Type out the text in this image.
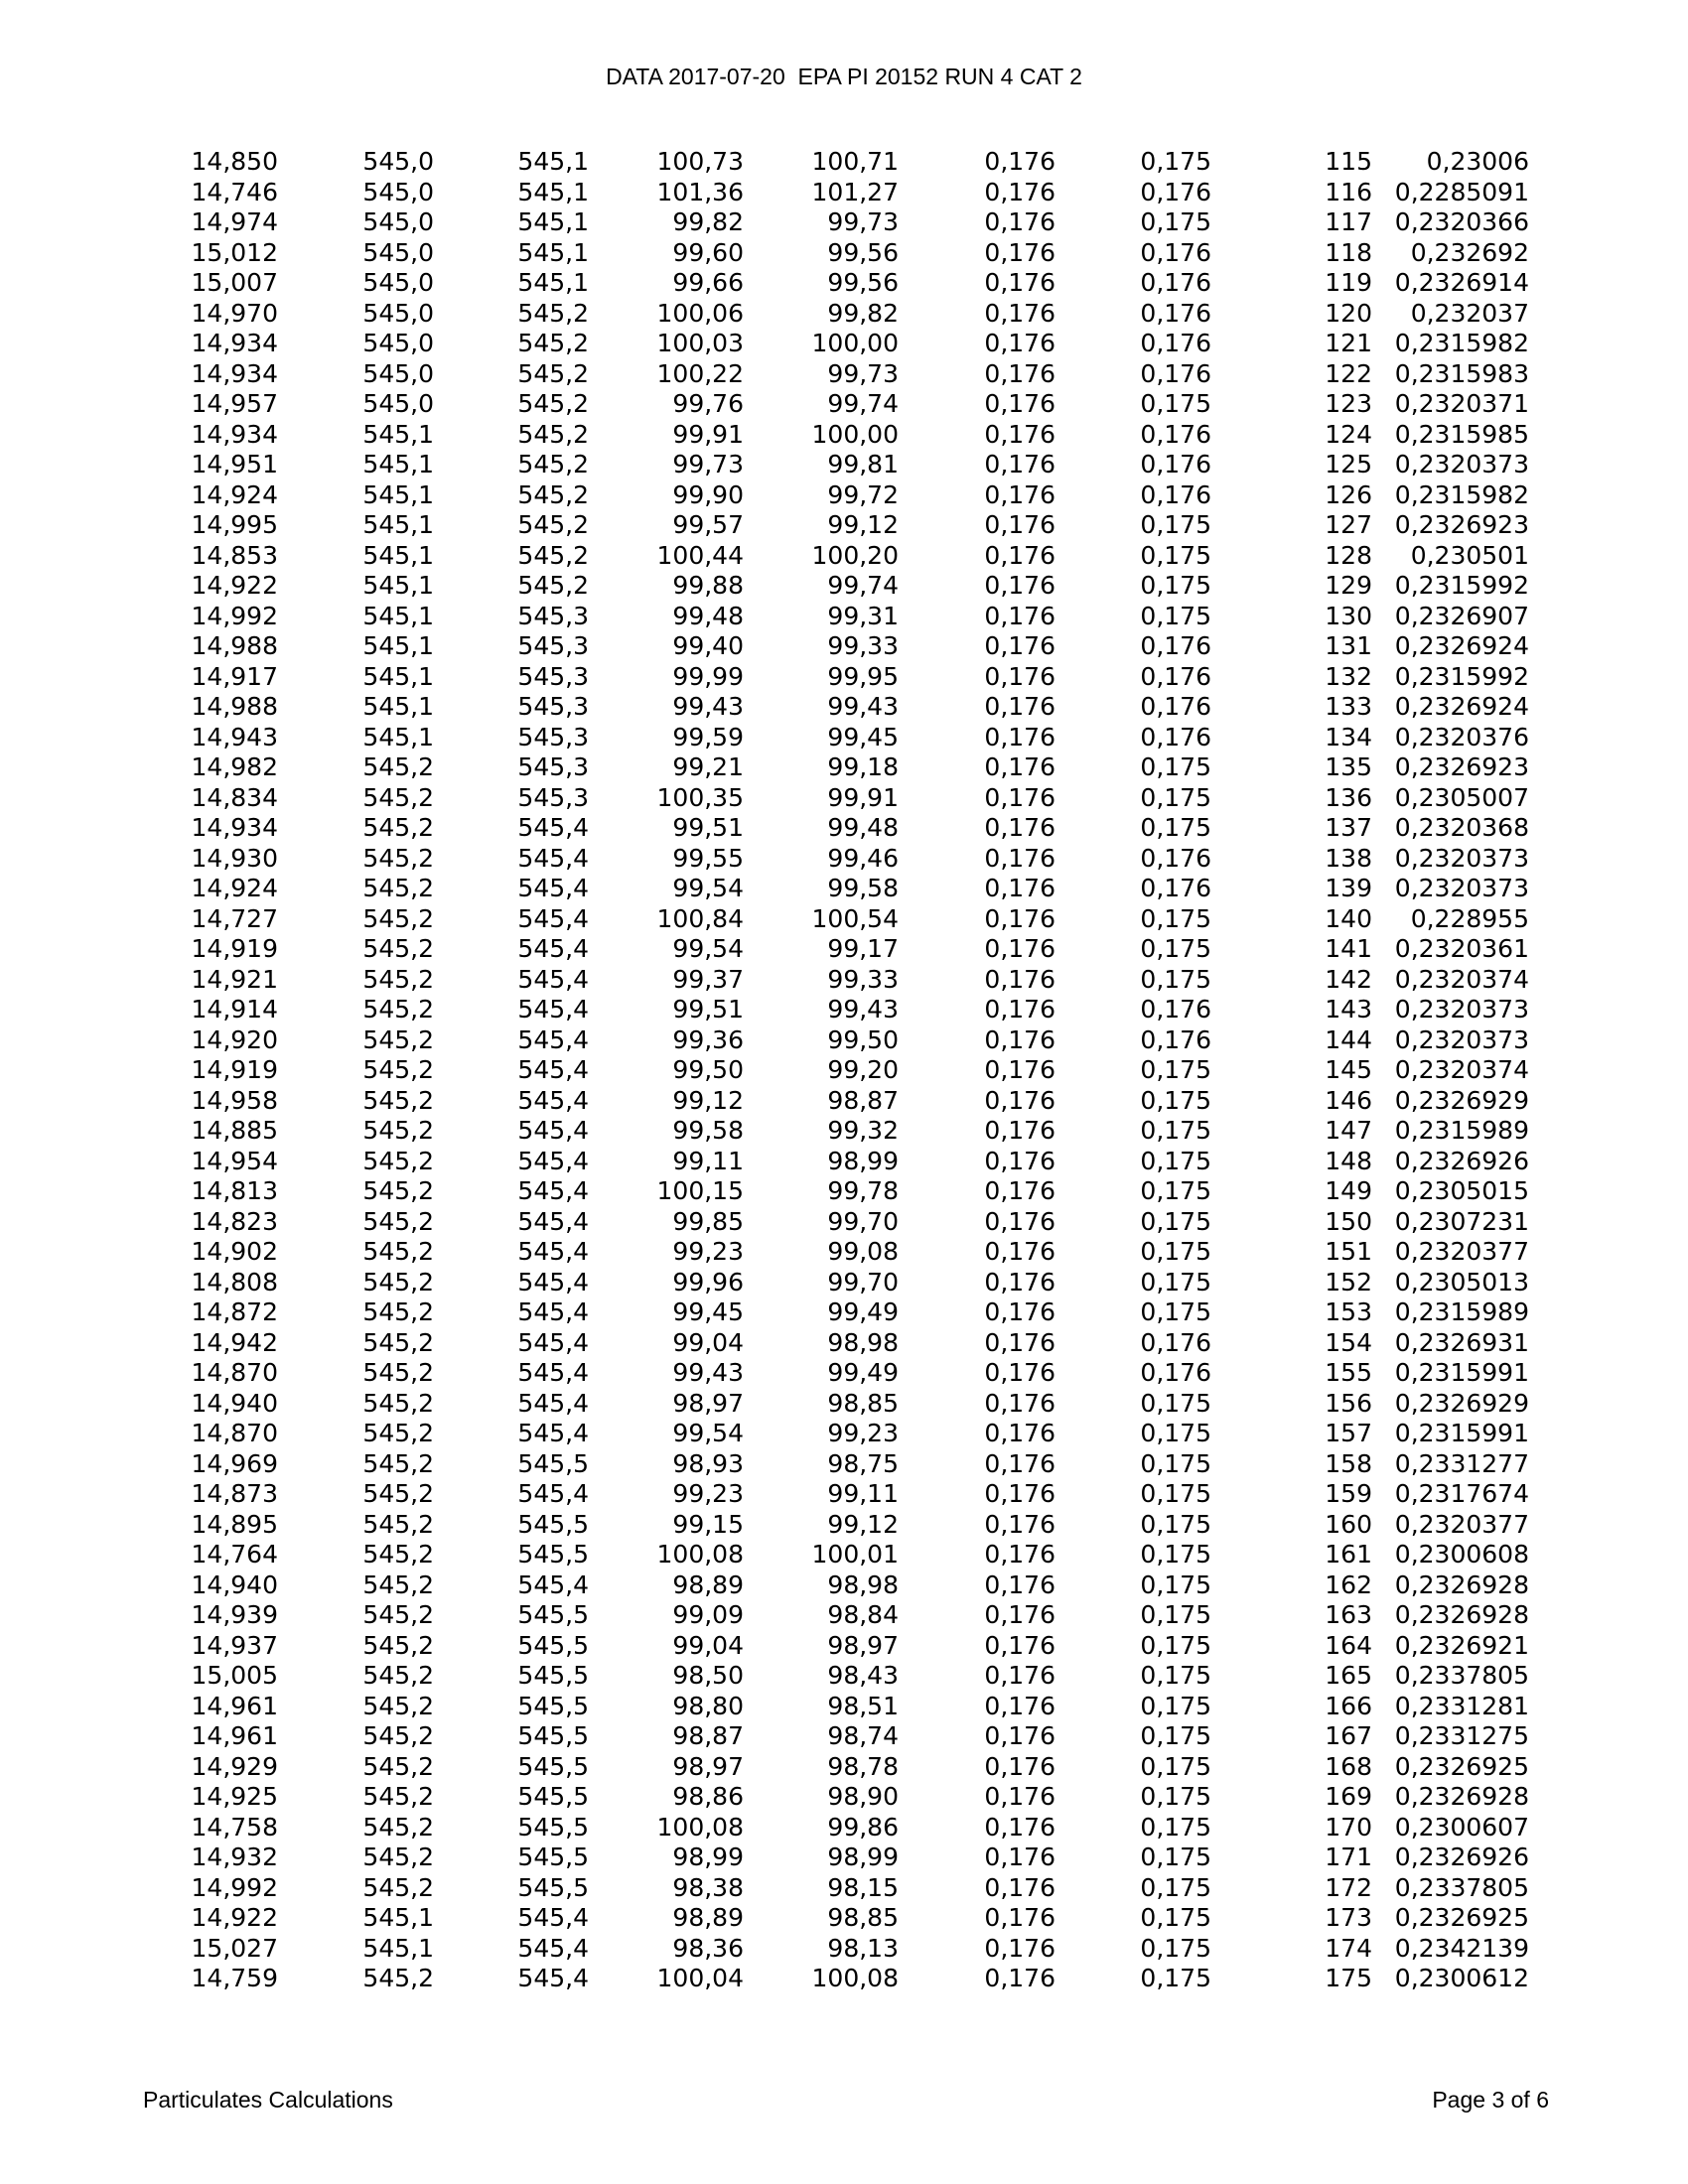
DATA 2017-07-20  EPA PI 20152 RUN 4 CAT 2
14,850	545,0	545,1	100,73	100,71	0,176	0,175	115 0,23006
14,746	545,0	545,1	101,36	101,27	0,176	0,176	116 0,2285091
14,974	545,0	545,1	99,82	99,73	0,176	0,175	117 0,2320366
15,012	545,0	545,1	99,60	99,56	0,176	0,176	118 0,232692
15,007	545,0	545,1	99,66	99,56	0,176	0,176	119 0,2326914
14,970	545,0	545,2	100,06	99,82	0,176	0,176	120 0,232037
14,934	545,0	545,2	100,03	100,00	0,176	0,176	121 0,2315982
14,934	545,0	545,2	100,22	99,73	0,176	0,176	122 0,2315983
14,957	545,0	545,2	99,76	99,74	0,176	0,175	123 0,2320371
14,934	545,1	545,2	99,91	100,00	0,176	0,176	124 0,2315985
14,951	545,1	545,2	99,73	99,81	0,176	0,176	125 0,2320373
14,924	545,1	545,2	99,90	99,72	0,176	0,176	126 0,2315982
14,995	545,1	545,2	99,57	99,12	0,176	0,175	127 0,2326923
14,853	545,1	545,2	100,44	100,20	0,176	0,175	128 0,230501
14,922	545,1	545,2	99,88	99,74	0,176	0,175	129 0,2315992
14,992	545,1	545,3	99,48	99,31	0,176	0,175	130 0,2326907
14,988	545,1	545,3	99,40	99,33	0,176	0,176	131 0,2326924
14,917	545,1	545,3	99,99	99,95	0,176	0,176	132 0,2315992
14,988	545,1	545,3	99,43	99,43	0,176	0,176	133 0,2326924
14,943	545,1	545,3	99,59	99,45	0,176	0,176	134 0,2320376
14,982	545,2	545,3	99,21	99,18	0,176	0,175	135 0,2326923
14,834	545,2	545,3	100,35	99,91	0,176	0,175	136 0,2305007
14,934	545,2	545,4	99,51	99,48	0,176	0,175	137 0,2320368
14,930	545,2	545,4	99,55	99,46	0,176	0,176	138 0,2320373
14,924	545,2	545,4	99,54	99,58	0,176	0,176	139 0,2320373
14,727	545,2	545,4	100,84	100,54	0,176	0,175	140 0,228955
14,919	545,2	545,4	99,54	99,17	0,176	0,175	141 0,2320361
14,921	545,2	545,4	99,37	99,33	0,176	0,175	142 0,2320374
14,914	545,2	545,4	99,51	99,43	0,176	0,176	143 0,2320373
14,920	545,2	545,4	99,36	99,50	0,176	0,176	144 0,2320373
14,919	545,2	545,4	99,50	99,20	0,176	0,175	145 0,2320374
14,958	545,2	545,4	99,12	98,87	0,176	0,175	146 0,2326929
14,885	545,2	545,4	99,58	99,32	0,176	0,175	147 0,2315989
14,954	545,2	545,4	99,11	98,99	0,176	0,175	148 0,2326926
14,813	545,2	545,4	100,15	99,78	0,176	0,175	149 0,2305015
14,823	545,2	545,4	99,85	99,70	0,176	0,175	150 0,2307231
14,902	545,2	545,4	99,23	99,08	0,176	0,175	151 0,2320377
14,808	545,2	545,4	99,96	99,70	0,176	0,175	152 0,2305013
14,872	545,2	545,4	99,45	99,49	0,176	0,175	153 0,2315989
14,942	545,2	545,4	99,04	98,98	0,176	0,176	154 0,2326931
14,870	545,2	545,4	99,43	99,49	0,176	0,176	155 0,2315991
14,940	545,2	545,4	98,97	98,85	0,176	0,175	156 0,2326929
14,870	545,2	545,4	99,54	99,23	0,176	0,175	157 0,2315991
14,969	545,2	545,5	98,93	98,75	0,176	0,175	158 0,2331277
14,873	545,2	545,4	99,23	99,11	0,176	0,175	159 0,2317674
14,895	545,2	545,5	99,15	99,12	0,176	0,175	160 0,2320377
14,764	545,2	545,5	100,08	100,01	0,176	0,175	161 0,2300608
14,940	545,2	545,4	98,89	98,98	0,176	0,175	162 0,2326928
14,939	545,2	545,5	99,09	98,84	0,176	0,175	163 0,2326928
14,937	545,2	545,5	99,04	98,97	0,176	0,175	164 0,2326921
15,005	545,2	545,5	98,50	98,43	0,176	0,175	165 0,2337805
14,961	545,2	545,5	98,80	98,51	0,176	0,175	166 0,2331281
14,961	545,2	545,5	98,87	98,74	0,176	0,175	167 0,2331275
14,929	545,2	545,5	98,97	98,78	0,176	0,175	168 0,2326925
14,925	545,2	545,5	98,86	98,90	0,176	0,175	169 0,2326928
14,758	545,2	545,5	100,08	99,86	0,176	0,175	170 0,2300607
14,932	545,2	545,5	98,99	98,99	0,176	0,175	171 0,2326926
14,992	545,2	545,5	98,38	98,15	0,176	0,175	172 0,2337805
14,922	545,1	545,4	98,89	98,85	0,176	0,175	173 0,2326925
15,027	545,1	545,4	98,36	98,13	0,176	0,175	174 0,2342139
14,759	545,2	545,4	100,04	100,08	0,176	0,175	175 0,2300612
Particulates Calculations	Page 3 of 6
